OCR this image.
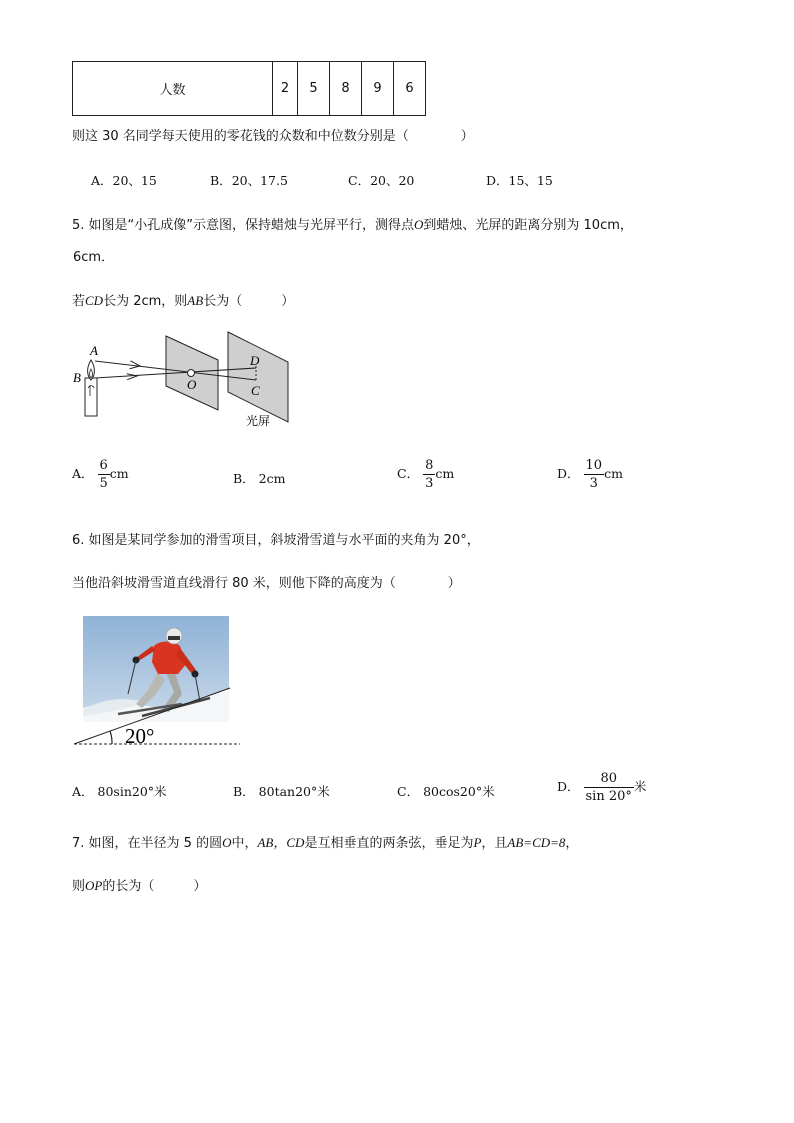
人数	2	5	8	9	6
则这 30 名同学每天使用的零花钱的众数和中位数分别是（　　　　）
A．20、15	B．20、17.5	C．20、20	D．15、15
5. 如图是“小孔成像”示意图，保持蜡烛与光屏平行，测得点O到蜡烛、光屏的距离分别为 10cm，
6cm．
若CD长为 2cm，则AB长为（　　　）
A
B	O
D
C
光屏
A． $\frac{6}{5}$ cm	B． 2cm	C． $\frac{8}{3}$ cm	D． $\frac{10}{3}$ cm
6. 如图是某同学参加的滑雪项目，斜坡滑雪道与水平面的夹角为 20°，
当他沿斜坡滑雪道直线滑行 80 米，则他下降的高度为（　　　　）
20°
A． 80sin20°米	B． 80tan20°米	C． 80cos20°米	D． $\frac{80}{\sin 20^\circ}$ 米
7. 如图，在半径为 5 的圆O中，AB，CD是互相垂直的两条弦，垂足为P，且AB=CD=8，
则OP的长为（　　　）
